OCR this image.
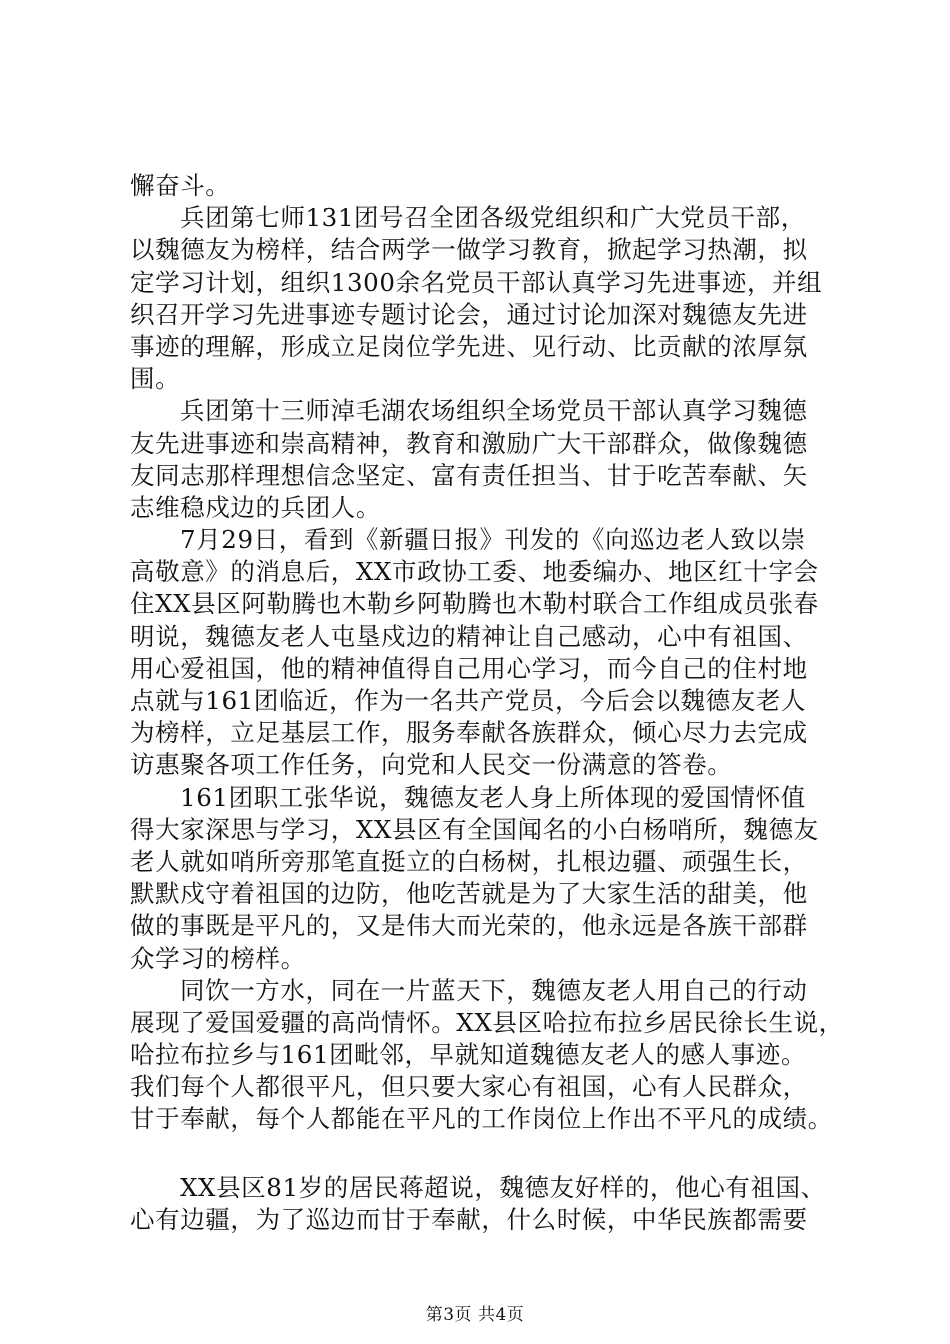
懈奋斗。
兵团第七师131团号召全团各级党组织和广大党员干部，
以魏德友为榜样，结合两学一做学习教育，掀起学习热潮，拟
定学习计划，组织1300余名党员干部认真学习先进事迹，并组
织召开学习先进事迹专题讨论会，通过讨论加深对魏德友先进
事迹的理解，形成立足岗位学先进、见行动、比贡献的浓厚氛
围。
兵团第十三师淖毛湖农场组织全场党员干部认真学习魏德
友先进事迹和崇高精神，教育和激励广大干部群众，做像魏德
友同志那样理想信念坚定、富有责任担当、甘于吃苦奉献、矢
志维稳戍边的兵团人。
7月29日，看到《新疆日报》刊发的《向巡边老人致以崇
高敬意》的消息后，XX市政协工委、地委编办、地区红十字会
住XX县区阿勒腾也木勒乡阿勒腾也木勒村联合工作组成员张春
明说，魏德友老人屯垦戍边的精神让自己感动，心中有祖国、
用心爱祖国，他的精神值得自己用心学习，而今自己的住村地
点就与161团临近，作为一名共产党员，今后会以魏德友老人
为榜样，立足基层工作，服务奉献各族群众，倾心尽力去完成
访惠聚各项工作任务，向党和人民交一份满意的答卷。
161团职工张华说，魏德友老人身上所体现的爱国情怀值
得大家深思与学习，XX县区有全国闻名的小白杨哨所，魏德友
老人就如哨所旁那笔直挺立的白杨树，扎根边疆、顽强生长，
默默戍守着祖国的边防，他吃苦就是为了大家生活的甜美，他
做的事既是平凡的，又是伟大而光荣的，他永远是各族干部群
众学习的榜样。
同饮一方水，同在一片蓝天下，魏德友老人用自己的行动
展现了爱国爱疆的高尚情怀。XX县区哈拉布拉乡居民徐长生说，
哈拉布拉乡与161团毗邻，早就知道魏德友老人的感人事迹。
我们每个人都很平凡，但只要大家心有祖国，心有人民群众，
甘于奉献，每个人都能在平凡的工作岗位上作出不平凡的成绩。
XX县区81岁的居民蒋超说，魏德友好样的，他心有祖国、
心有边疆，为了巡边而甘于奉献，什么时候，中华民族都需要
第3页 共4页
